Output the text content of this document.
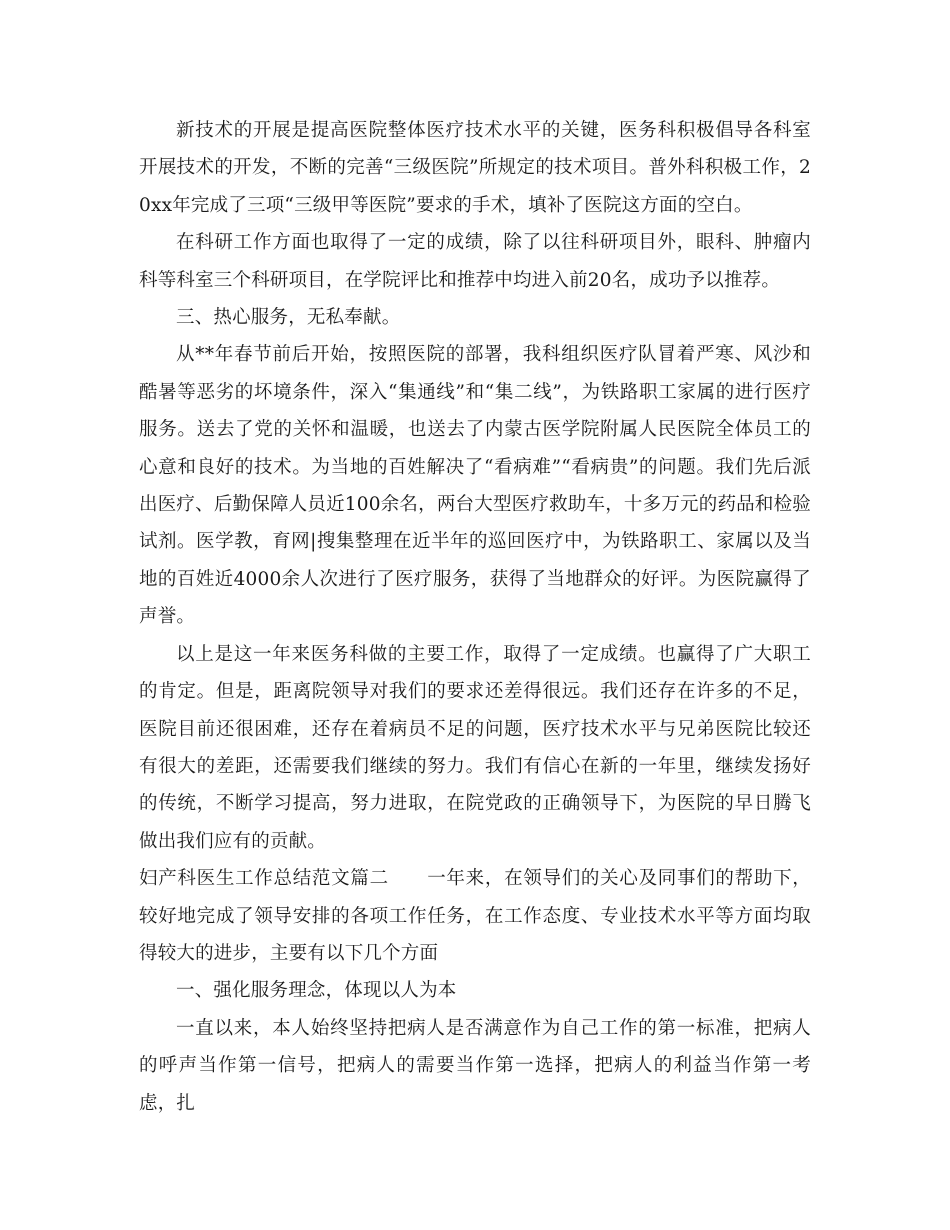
新技术的开展是提高医院整体医疗技术水平的关键，医务科积极倡导各科室开展技术的开发，不断的完善“三级医院”所规定的技术项目。普外科积极工作，20xx年完成了三项“三级甲等医院”要求的手术，填补了医院这方面的空白。

在科研工作方面也取得了一定的成绩，除了以往科研项目外，眼科、肿瘤内科等科室三个科研项目，在学院评比和推荐中均进入前20名，成功予以推荐。

三、热心服务，无私奉献。

从**年春节前后开始，按照医院的部署，我科组织医疗队冒着严寒、风沙和酷暑等恶劣的坏境条件，深入“集通线”和“集二线”，为铁路职工家属的进行医疗服务。送去了党的关怀和温暖，也送去了内蒙古医学院附属人民医院全体员工的心意和良好的技术。为当地的百姓解决了“看病难”“看病贵”的问题。我们先后派出医疗、后勤保障人员近100余名，两台大型医疗救助车，十多万元的药品和检验试剂。医学教，育网|搜集整理在近半年的巡回医疗中，为铁路职工、家属以及当地的百姓近4000余人次进行了医疗服务，获得了当地群众的好评。为医院赢得了声誉。

以上是这一年来医务科做的主要工作，取得了一定成绩。也赢得了广大职工的肯定。但是，距离院领导对我们的要求还差得很远。我们还存在许多的不足，医院目前还很困难，还存在着病员不足的问题，医疗技术水平与兄弟医院比较还有很大的差距，还需要我们继续的努力。我们有信心在新的一年里，继续发扬好的传统，不断学习提高，努力进取，在院党政的正确领导下，为医院的早日腾飞做出我们应有的贡献。

妇产科医生工作总结范文篇二　　一年来，在领导们的关心及同事们的帮助下，较好地完成了领导安排的各项工作任务，在工作态度、专业技术水平等方面均取得较大的进步，主要有以下几个方面

一、强化服务理念，体现以人为本

一直以来，本人始终坚持把病人是否满意作为自己工作的第一标准，把病人的呼声当作第一信号，把病人的需要当作第一选择，把病人的利益当作第一考虑，扎
